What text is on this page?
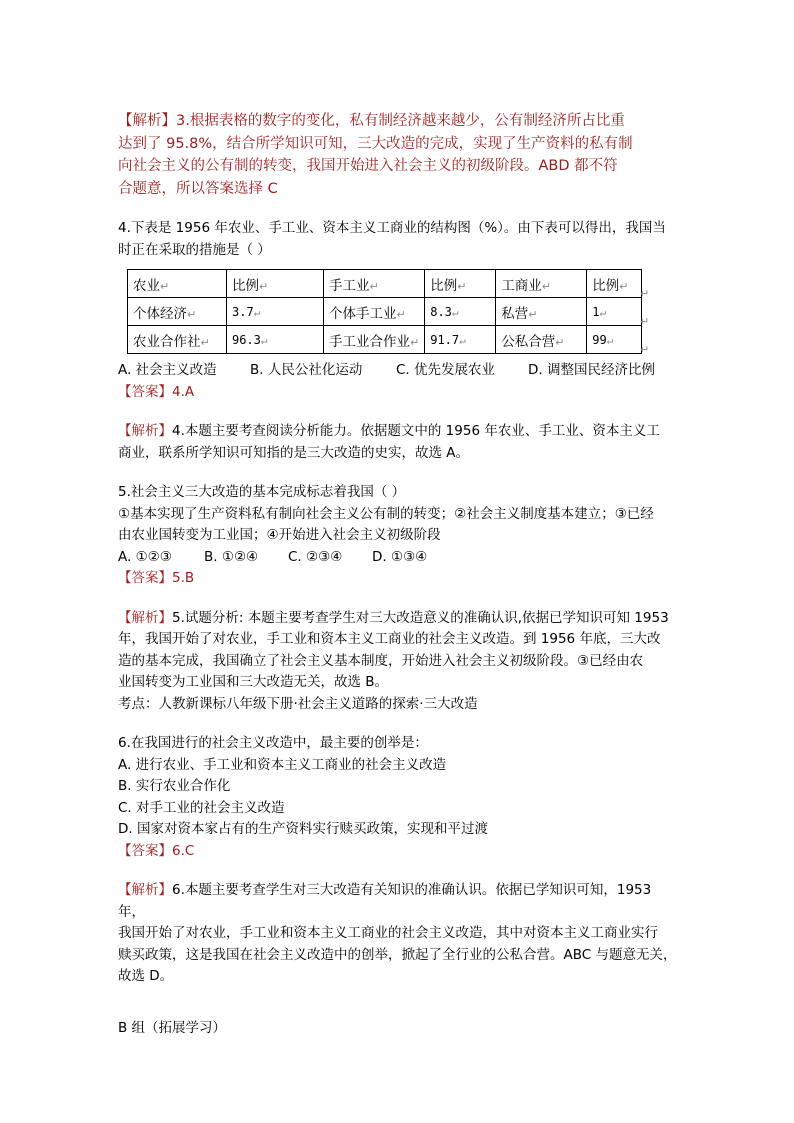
【解析】3.根据表格的数字的变化，私有制经济越来越少，公有制经济所占比重

达到了 95.8%，结合所学知识可知，三大改造的完成，实现了生产资料的私有制

向社会主义的公有制的转变，我国开始进入社会主义的初级阶段。ABD 都不符

合题意，所以答案选择 C

4.下表是 1956 年农业、手工业、资本主义工商业的结构图（%）。由下表可以得出，我国当

时正在采取的措施是（ ）

农业↵	比例↵	手工业↵	比例↵	工商业↵	比例↵
个体经济↵	3.7↵	个体手工业↵	8.3↵	私营↵	1↵
农业合作社↵	96.3↵	手工业合作业↵	91.7↵	公私合营↵	99↵

A. 社会主义改造 B. 人民公社化运动 C. 优先发展农业 D. 调整国民经济比例

【答案】4.A

【解析】4.本题主要考查阅读分析能力。依据题文中的 1956 年农业、手工业、资本主义工

商业，联系所学知识可知指的是三大改造的史实，故选 A。

5.社会主义三大改造的基本完成标志着我国（ ）

①基本实现了生产资料私有制向社会主义公有制的转变；②社会主义制度基本建立；③已经

由农业国转变为工业国；④开始进入社会主义初级阶段

A. ①②③ B. ①②④ C. ②③④ D. ①③④

【答案】5.B

【解析】5.试题分析: 本题主要考查学生对三大改造意义的准确认识,依据已学知识可知 1953

年，我国开始了对农业，手工业和资本主义工商业的社会主义改造。到 1956 年底，三大改

造的基本完成，我国确立了社会主义基本制度，开始进入社会主义初级阶段。③已经由农

业国转变为工业国和三大改造无关，故选 B。

考点：人教新课标八年级下册·社会主义道路的探索·三大改造

6.在我国进行的社会主义改造中，最主要的创举是：

A. 进行农业、手工业和资本主义工商业的社会主义改造

B. 实行农业合作化

C. 对手工业的社会主义改造

D. 国家对资本家占有的生产资料实行赎买政策，实现和平过渡

【答案】6.C

【解析】6.本题主要考查学生对三大改造有关知识的准确认识。依据已学知识可知，1953 年，

我国开始了对农业，手工业和资本主义工商业的社会主义改造，其中对资本主义工商业实行

赎买政策，这是我国在社会主义改造中的创举，掀起了全行业的公私合营。ABC 与题意无关，

故选 D。

B 组（拓展学习）

↵
↵
↵
